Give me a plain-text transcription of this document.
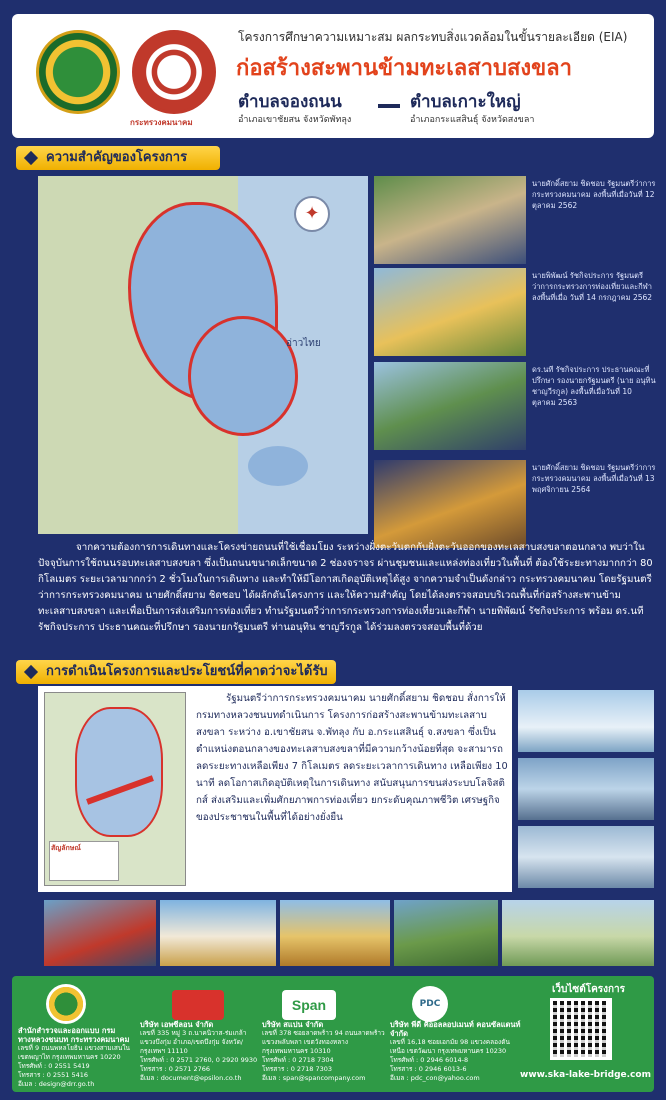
กระทรวงคมนาคม
โครงการศึกษาความเหมาะสม ผลกระทบสิ่งแวดล้อมในขั้นรายละเอียด (EIA)
ก่อสร้างสะพานข้ามทะเลสาบสงขลา
ตำบลจองถนน
อำเภอเขาชัยสน จังหวัดพัทลุง
ตำบลเกาะใหญ่
อำเภอกระแสสินธุ์ จังหวัดสงขลา
ความสำคัญของโครงการ
✦
อ่าวไทย
นายศักดิ์สยาม ชิดชอบ รัฐมนตรีว่าการกระทรวงคมนาคม ลงพื้นที่เมื่อวันที่ 12 ตุลาคม 2562
นายพิพัฒน์ รัชกิจประการ รัฐมนตรีว่าการกระทรวงการท่องเที่ยวและกีฬา ลงพื้นที่เมื่อ วันที่ 14 กรกฎาคม 2562
ดร.นที รัชกิจประการ ประธานคณะที่ปรึกษา รองนายกรัฐมนตรี (นาย อนุทิน ชาญวีรกูล) ลงพื้นที่เมื่อวันที่ 10 ตุลาคม 2563
นายศักดิ์สยาม ชิดชอบ รัฐมนตรีว่าการกระทรวงคมนาคม ลงพื้นที่เมื่อวันที่ 13 พฤศจิกายน 2564
จากความต้องการการเดินทางและโครงข่ายถนนที่ใช้เชื่อมโยง ระหว่างฝั่งตะวันตกกับฝั่งตะวันออกของทะเลสาบสงขลาตอนกลาง พบว่าในปัจจุบันการใช้ถนนรอบทะเลสาบสงขลา ซึ่งเป็นถนนขนาดเล็กขนาด 2 ช่องจราจร ผ่านชุมชนและแหล่งท่องเที่ยวในพื้นที่ ต้องใช้ระยะทางมากกว่า 80 กิโลเมตร ระยะเวลามากกว่า 2 ชั่วโมงในการเดินทาง และทำให้มีโอกาสเกิดอุบัติเหตุได้สูง จากความจำเป็นดังกล่าว กระทรวงคมนาคม โดยรัฐมนตรีว่าการกระทรวงคมนาคม นายศักดิ์สยาม ชิดชอบ ได้ผลักดันโครงการ และให้ความสำคัญ โดยได้ลงตรวจสอบบริเวณพื้นที่ก่อสร้างสะพานข้ามทะเลสาบสงขลา และเพื่อเป็นการส่งเสริมการท่องเที่ยว ทำนรัฐมนตรีว่าการกระทรวงการท่องเที่ยวและกีฬา นายพิพัฒน์ รัชกิจประการ พร้อม ดร.นที รัชกิจประการ ประธานคณะที่ปรึกษา รองนายกรัฐมนตรี ท่านอนุทิน ชาญวีรกูล ได้ร่วมลงตรวจสอบพื้นที่ด้วย
การดำเนินโครงการและประโยชน์ที่คาดว่าจะได้รับ
สัญลักษณ์
รัฐมนตรีว่าการกระทรวงคมนาคม นายศักดิ์สยาม ชิดชอบ สั่งการให้กรมทางหลวงชนบทดำเนินการ โครงการก่อสร้างสะพานข้ามทะเลสาบสงขลา ระหว่าง อ.เขาชัยสน จ.พัทลุง กับ อ.กระแสสินธุ์ จ.สงขลา ซึ่งเป็นตำแหน่งตอนกลางของทะเลสาบสงขลาที่มีความกว้างน้อยที่สุด จะสามารถลดระยะทางเหลือเพียง 7 กิโลเมตร ลดระยะเวลาการเดินทาง เหลือเพียง 10 นาที ลดโอกาสเกิดอุบัติเหตุในการเดินทาง สนับสนุนการขนส่งระบบโลจิสติกส์ ส่งเสริมและเพิ่มศักยภาพการท่องเที่ยว ยกระดับคุณภาพชีวิต เศรษฐกิจของประชาชนในพื้นที่ได้อย่างยั่งยืน
Span	PDC
สำนักสำรวจและออกแบบ กรมทางหลวงชนบท กระทรวงคมนาคม
เลขที่ 9 ถนนพหลโยธิน แขวงสามเสนใน เขตพญาไท กรุงเทพมหานคร 10220
โทรศัพท์ : 0 2551 5419
โทรสาร : 0 2551 5416
อีเมล : design@drr.go.th
บริษัท เอพซีลอน จำกัด
เลขที่ 335 หมู่ 3 ถ.นาคนิวาส-ร่มเกล้า แขวงบึงกุ่ม อำเภอ/เขตบึงกุ่ม จังหวัด/กรุงเทพฯ 11110
โทรศัพท์ : 0 2571 2760, 0 2920 9930
โทรสาร : 0 2571 2766
อีเมล : document@epsilon.co.th
บริษัท สแปน จำกัด
เลขที่ 378 ซอยลาดพร้าว 94 ถนนลาดพร้าว แขวงพลับพลา เขตวังทองหลาง กรุงเทพมหานคร 10310
โทรศัพท์ : 0 2718 7304
โทรสาร : 0 2718 7303
อีเมล : span@spancompany.com
บริษัท พีดี คีออลลอปเมนท์ คอนซัลแตนท์ จำกัด
เลขที่ 16,18 ซอยเอกมัย 98 แขวงคลองตันเหนือ เขตวัฒนา กรุงเทพมหานคร 10230
โทรศัพท์ : 0 2946 6014-8
โทรสาร : 0 2946 6013-6
อีเมล : pdc_con@yahoo.com
เว็บไซต์โครงการ
www.ska-lake-bridge.com
